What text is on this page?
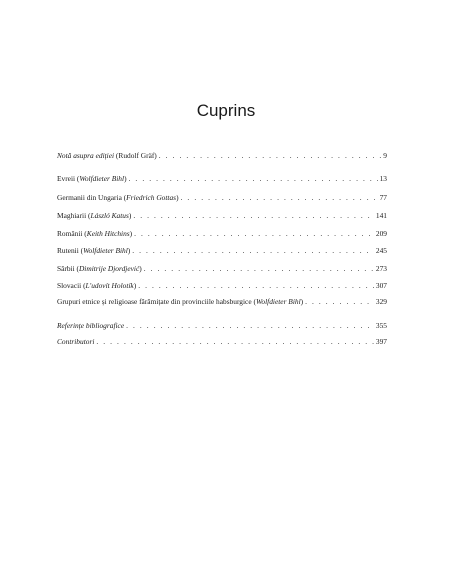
Cuprins
Notă asupra ediției (Rudolf Gräf) . . .	9
Evreii (Wolfdieter Bihl) . . .	13
Germanii din Ungaria (Friedrich Gottas) . . .	77
Maghiarii (László Katus) . . .	141
Românii (Keith Hitchins) . . .	209
Rutenii (Wolfdieter Bihl) . . .	245
Sârbii (Dimitrije Djordjević) . . .	273
Slovacii (L'udovít Holotík) . . .	307
Grupuri etnice și religioase fărâmițate din provinciile habsburgice (Wolfdieter Bihl) . . .	329
Referințe bibliografice . . .	355
Contributori . . .	397
